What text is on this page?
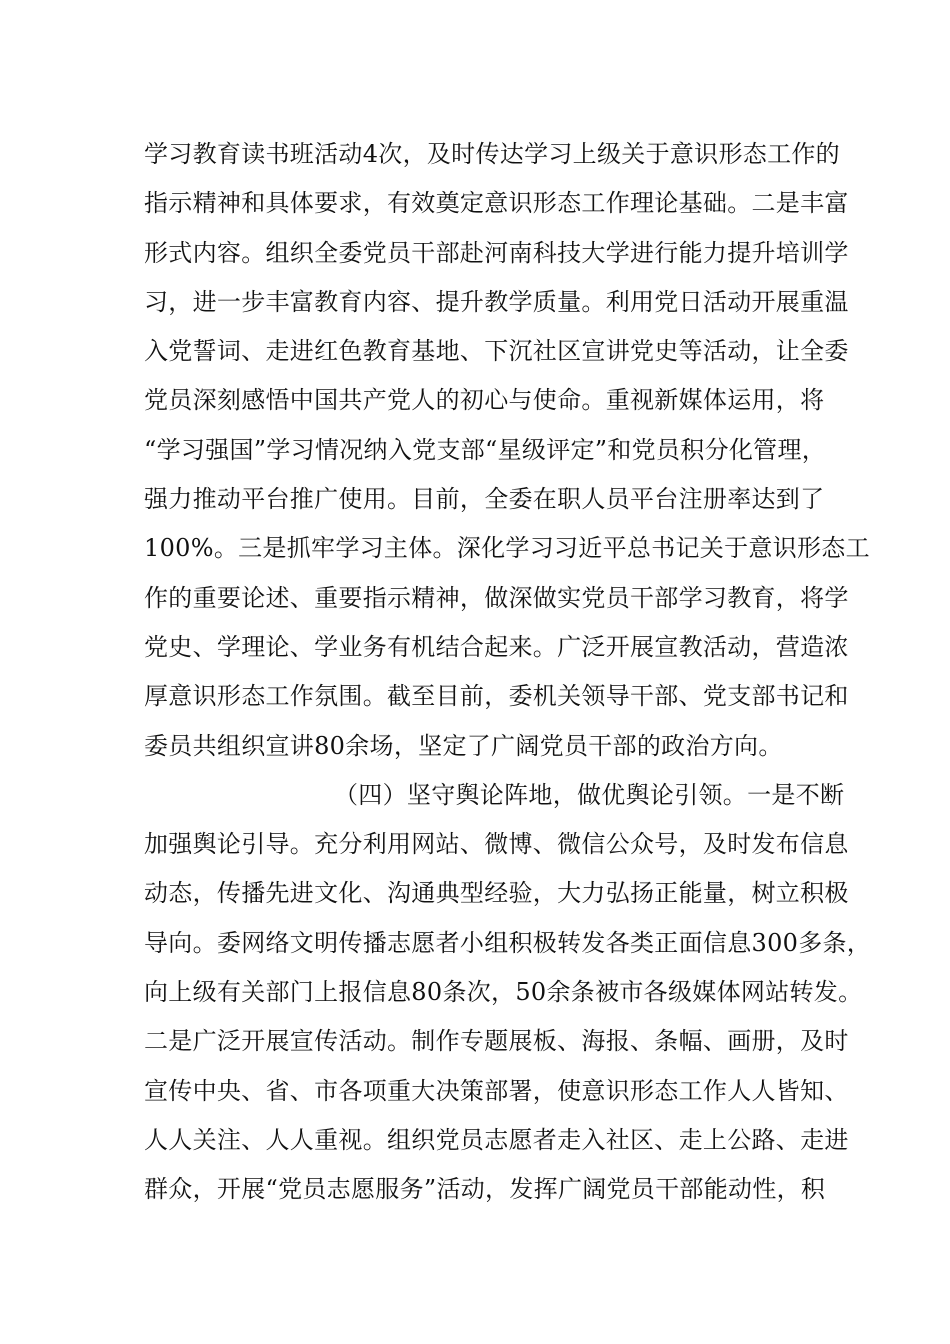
学习教育读书班活动4次，及时传达学习上级关于意识形态工作的
指示精神和具体要求，有效奠定意识形态工作理论基础。二是丰富
形式内容。组织全委党员干部赴河南科技大学进行能力提升培训学
习，进一步丰富教育内容、提升教学质量。利用党日活动开展重温
入党誓词、走进红色教育基地、下沉社区宣讲党史等活动，让全委
党员深刻感悟中国共产党人的初心与使命。重视新媒体运用，将
“学习强国”学习情况纳入党支部“星级评定”和党员积分化管理，
强力推动平台推广使用。目前，全委在职人员平台注册率达到了
100%。三是抓牢学习主体。深化学习习近平总书记关于意识形态工
作的重要论述、重要指示精神，做深做实党员干部学习教育，将学
党史、学理论、学业务有机结合起来。广泛开展宣教活动，营造浓
厚意识形态工作氛围。截至目前，委机关领导干部、党支部书记和
委员共组织宣讲80余场，坚定了广阔党员干部的政治方向。
（四）坚守舆论阵地，做优舆论引领。一是不断
加强舆论引导。充分利用网站、微博、微信公众号，及时发布信息
动态，传播先进文化、沟通典型经验，大力弘扬正能量，树立积极
导向。委网络文明传播志愿者小组积极转发各类正面信息300多条，
向上级有关部门上报信息80条次，50余条被市各级媒体网站转发。
二是广泛开展宣传活动。制作专题展板、海报、条幅、画册，及时
宣传中央、省、市各项重大决策部署，使意识形态工作人人皆知、
人人关注、人人重视。组织党员志愿者走入社区、走上公路、走进
群众，开展“党员志愿服务”活动，发挥广阔党员干部能动性，积
